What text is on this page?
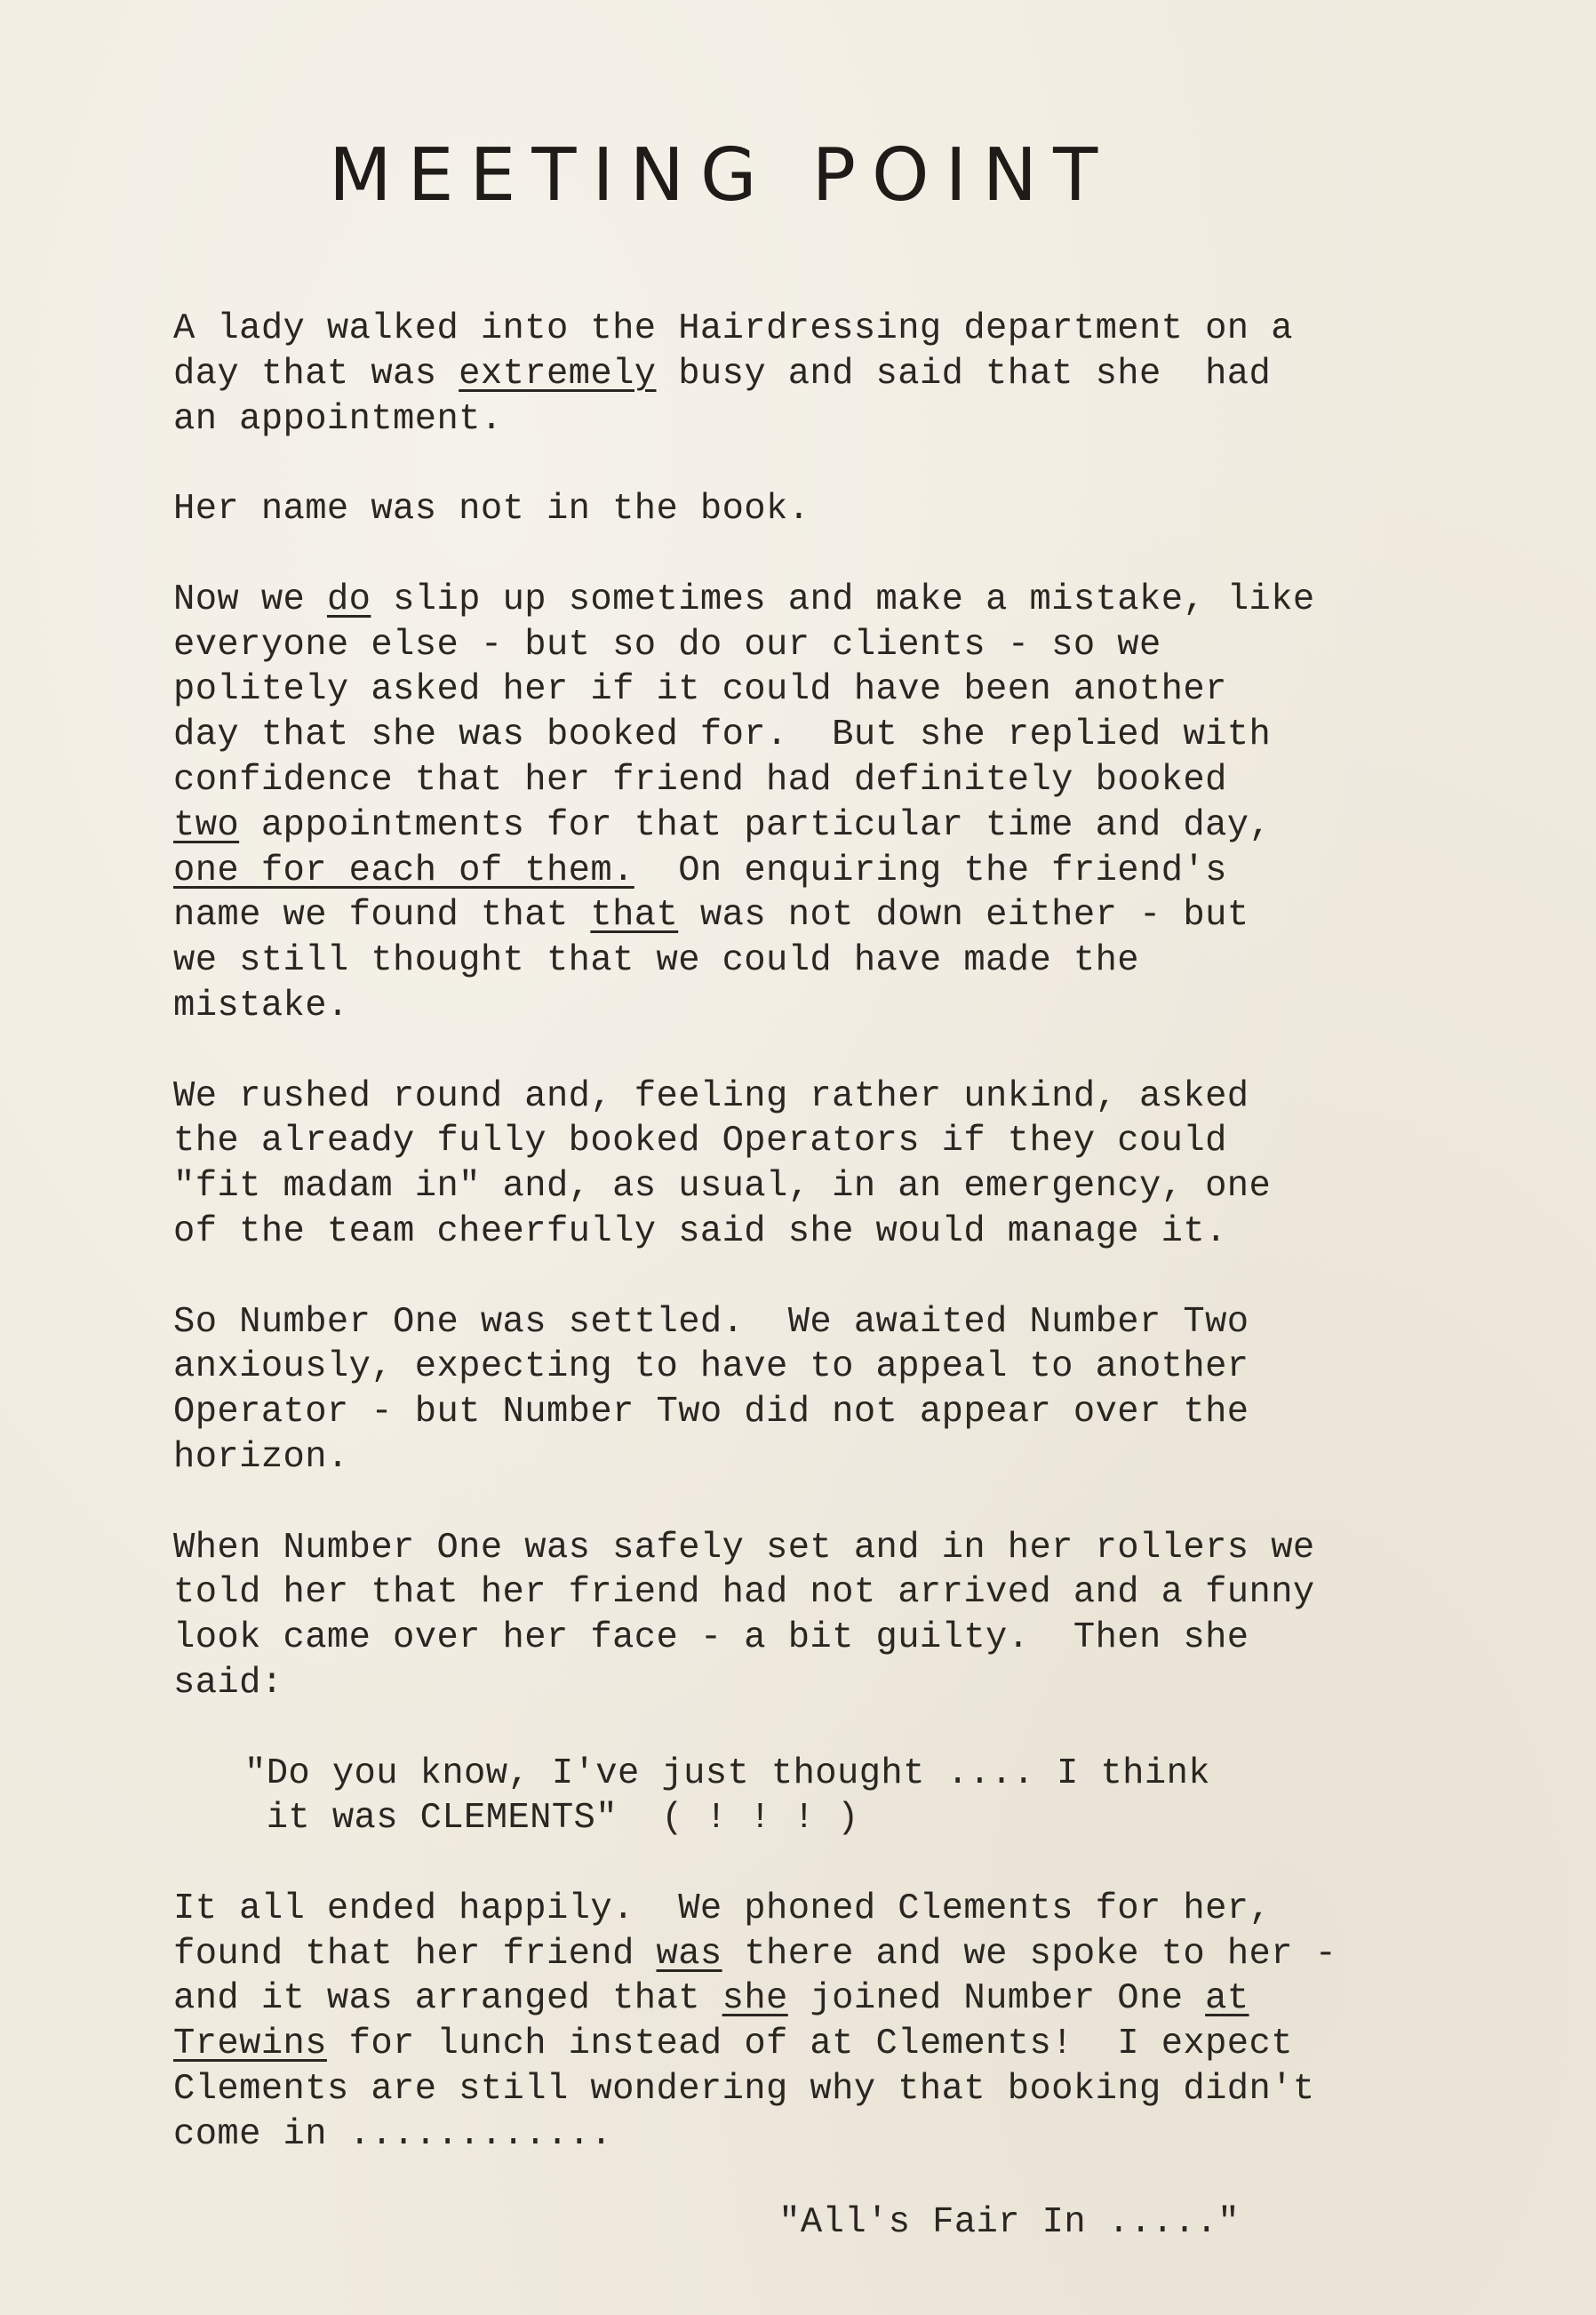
MEETING POINT

A lady walked into the Hairdressing department on a
day that was extremely busy and said that she  had
an appointment.

Her name was not in the book.

Now we do slip up sometimes and make a mistake, like
everyone else - but so do our clients - so we
politely asked her if it could have been another
day that she was booked for.  But she replied with
confidence that her friend had definitely booked
two appointments for that particular time and day,
one for each of them.  On enquiring the friend's
name we found that that was not down either - but
we still thought that we could have made the
mistake.

We rushed round and, feeling rather unkind, asked
the already fully booked Operators if they could
"fit madam in" and, as usual, in an emergency, one
of the team cheerfully said she would manage it.

So Number One was settled.  We awaited Number Two
anxiously, expecting to have to appeal to another
Operator - but Number Two did not appear over the
horizon.

When Number One was safely set and in her rollers we
told her that her friend had not arrived and a funny
look came over her face - a bit guilty.  Then she
said:

"Do you know, I've just thought .... I think
it was CLEMENTS"  ( ! ! ! )

It all ended happily.  We phoned Clements for her,
found that her friend was there and we spoke to her -
and it was arranged that she joined Number One at
Trewins for lunch instead of at Clements!  I expect
Clements are still wondering why that booking didn't
come in ............

"All's Fair In ....."
